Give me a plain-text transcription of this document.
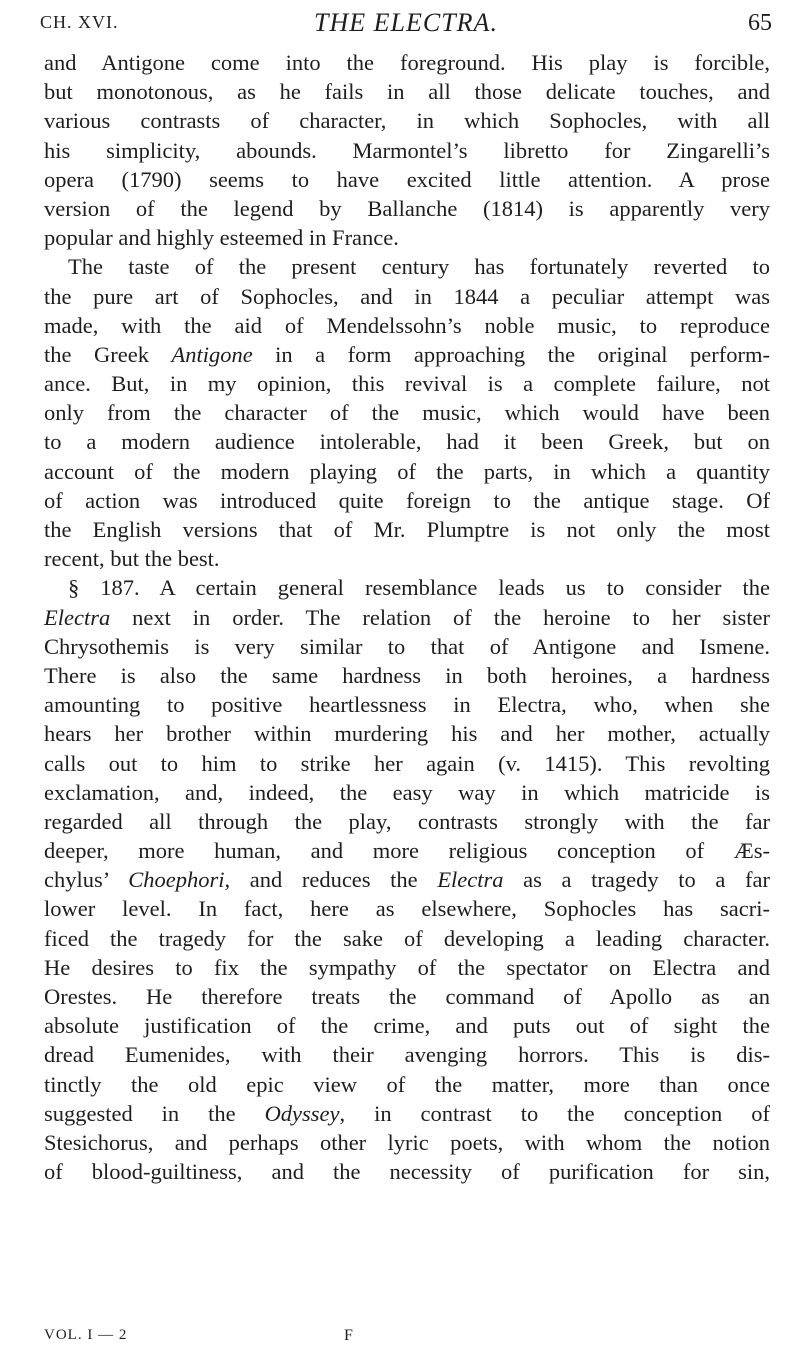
CH. XVI.	THE ELECTRA.	65
and Antigone come into the foreground. His play is forcible,
but monotonous, as he fails in all those delicate touches, and
various contrasts of character, in which Sophocles, with all
his simplicity, abounds. Marmontel’s libretto for Zingarelli’s
opera (1790) seems to have excited little attention. A prose
version of the legend by Ballanche (1814) is apparently very
popular and highly esteemed in France.
The taste of the present century has fortunately reverted to
the pure art of Sophocles, and in 1844 a peculiar attempt was
made, with the aid of Mendelssohn’s noble music, to reproduce
the Greek Antigone in a form approaching the original perform-
ance. But, in my opinion, this revival is a complete failure, not
only from the character of the music, which would have been
to a modern audience intolerable, had it been Greek, but on
account of the modern playing of the parts, in which a quantity
of action was introduced quite foreign to the antique stage. Of
the English versions that of Mr. Plumptre is not only the most
recent, but the best.
§ 187. A certain general resemblance leads us to consider the
Electra next in order. The relation of the heroine to her sister
Chrysothemis is very similar to that of Antigone and Ismene.
There is also the same hardness in both heroines, a hardness
amounting to positive heartlessness in Electra, who, when she
hears her brother within murdering his and her mother, actually
calls out to him to strike her again (v. 1415). This revolting
exclamation, and, indeed, the easy way in which matricide is
regarded all through the play, contrasts strongly with the far
deeper, more human, and more religious conception of Æs-
chylus’ Choephori, and reduces the Electra as a tragedy to a far
lower level. In fact, here as elsewhere, Sophocles has sacri-
ficed the tragedy for the sake of developing a leading character.
He desires to fix the sympathy of the spectator on Electra and
Orestes. He therefore treats the command of Apollo as an
absolute justification of the crime, and puts out of sight the
dread Eumenides, with their avenging horrors. This is dis-
tinctly the old epic view of the matter, more than once
suggested in the Odyssey, in contrast to the conception of
Stesichorus, and perhaps other lyric poets, with whom the notion
of blood-guiltiness, and the necessity of purification for sin,
VOL. I — 2	F
